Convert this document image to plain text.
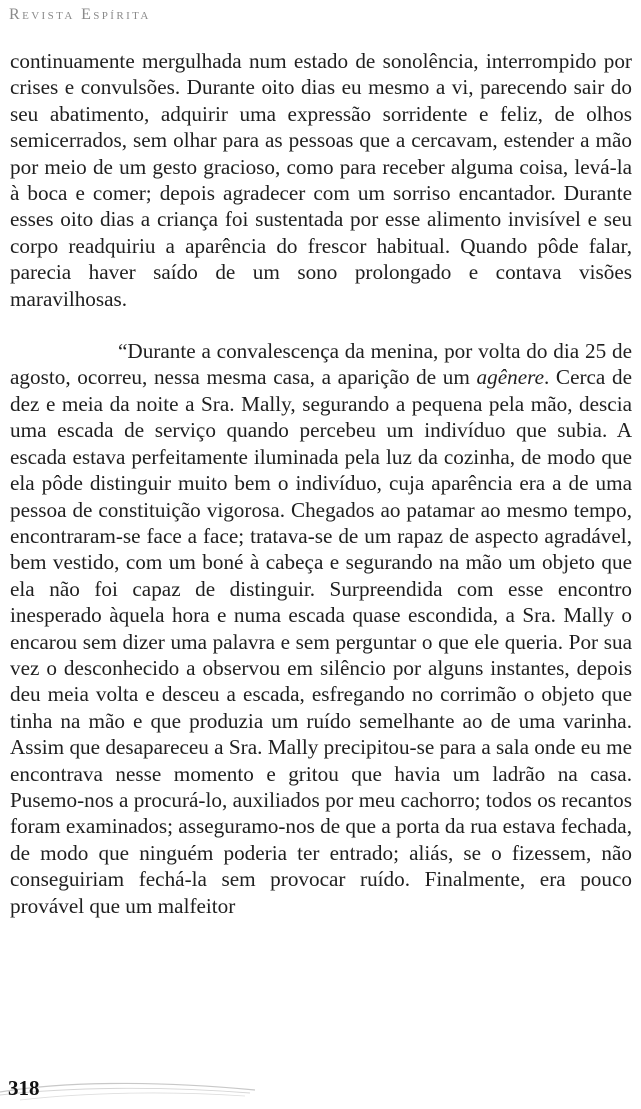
Revista Espírita

continuamente mergulhada num estado de sonolência, interrompido por crises e convulsões. Durante oito dias eu mesmo a vi, parecendo sair do seu abatimento, adquirir uma expressão sorridente e feliz, de olhos semicerrados, sem olhar para as pessoas que a cercavam, estender a mão por meio de um gesto gracioso, como para receber alguma coisa, levá-la à boca e comer; depois agradecer com um sorriso encantador. Durante esses oito dias a criança foi sustentada por esse alimento invisível e seu corpo readquiriu a aparência do frescor habitual. Quando pôde falar, parecia haver saído de um sono prolongado e contava visões maravilhosas.

“Durante a convalescença da menina, por volta do dia 25 de agosto, ocorreu, nessa mesma casa, a aparição de um agênere. Cerca de dez e meia da noite a Sra. Mally, segurando a pequena pela mão, descia uma escada de serviço quando percebeu um indivíduo que subia. A escada estava perfeitamente iluminada pela luz da cozinha, de modo que ela pôde distinguir muito bem o indivíduo, cuja aparência era a de uma pessoa de constituição vigorosa. Chegados ao patamar ao mesmo tempo, encontraram-se face a face; tratava-se de um rapaz de aspecto agradável, bem vestido, com um boné à cabeça e segurando na mão um objeto que ela não foi capaz de distinguir. Surpreendida com esse encontro inesperado àquela hora e numa escada quase escondida, a Sra. Mally o encarou sem dizer uma palavra e sem perguntar o que ele queria. Por sua vez o desconhecido a observou em silêncio por alguns instantes, depois deu meia volta e desceu a escada, esfregando no corrimão o objeto que tinha na mão e que produzia um ruído semelhante ao de uma varinha. Assim que desapareceu a Sra. Mally precipitou-se para a sala onde eu me encontrava nesse momento e gritou que havia um ladrão na casa. Pusemo-nos a procurá-lo, auxiliados por meu cachorro; todos os recantos foram examinados; asseguramo-nos de que a porta da rua estava fechada, de modo que ninguém poderia ter entrado; aliás, se o fizessem, não conseguiriam fechá-la sem provocar ruído. Finalmente, era pouco provável que um malfeitor

318
